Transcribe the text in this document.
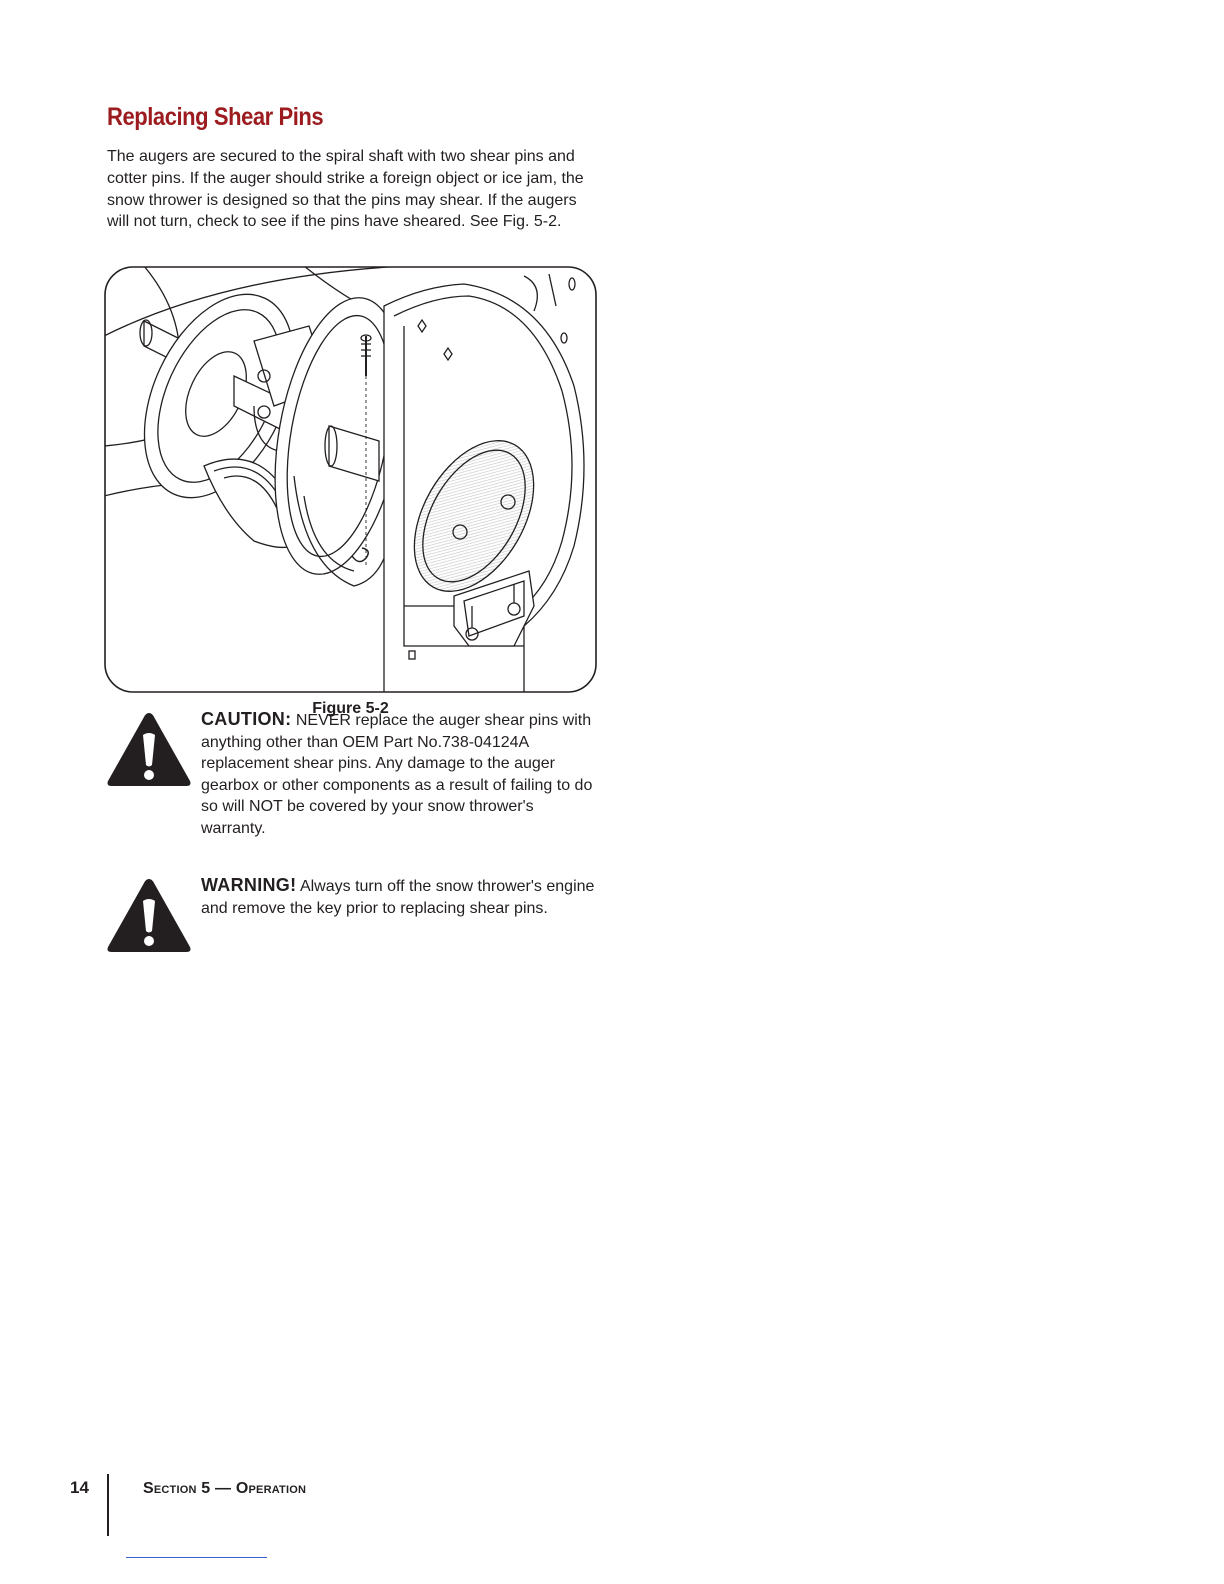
Replacing Shear Pins

The augers are secured to the spiral shaft with two shear pins and cotter pins. If the auger should strike a foreign object or ice jam, the snow thrower is designed so that the pins may shear. If the augers will not turn, check to see if the pins have sheared. See Fig. 5-2.

Figure 5-2

CAUTION: NEVER replace the auger shear pins with anything other than OEM Part No.738-04124A replacement shear pins. Any damage to the auger gearbox or other components as a result of failing to do so will NOT be covered by your snow thrower's warranty.

WARNING! Always turn off the snow thrower's engine and remove the key prior to replacing shear pins.

14	Section 5 — Operation
